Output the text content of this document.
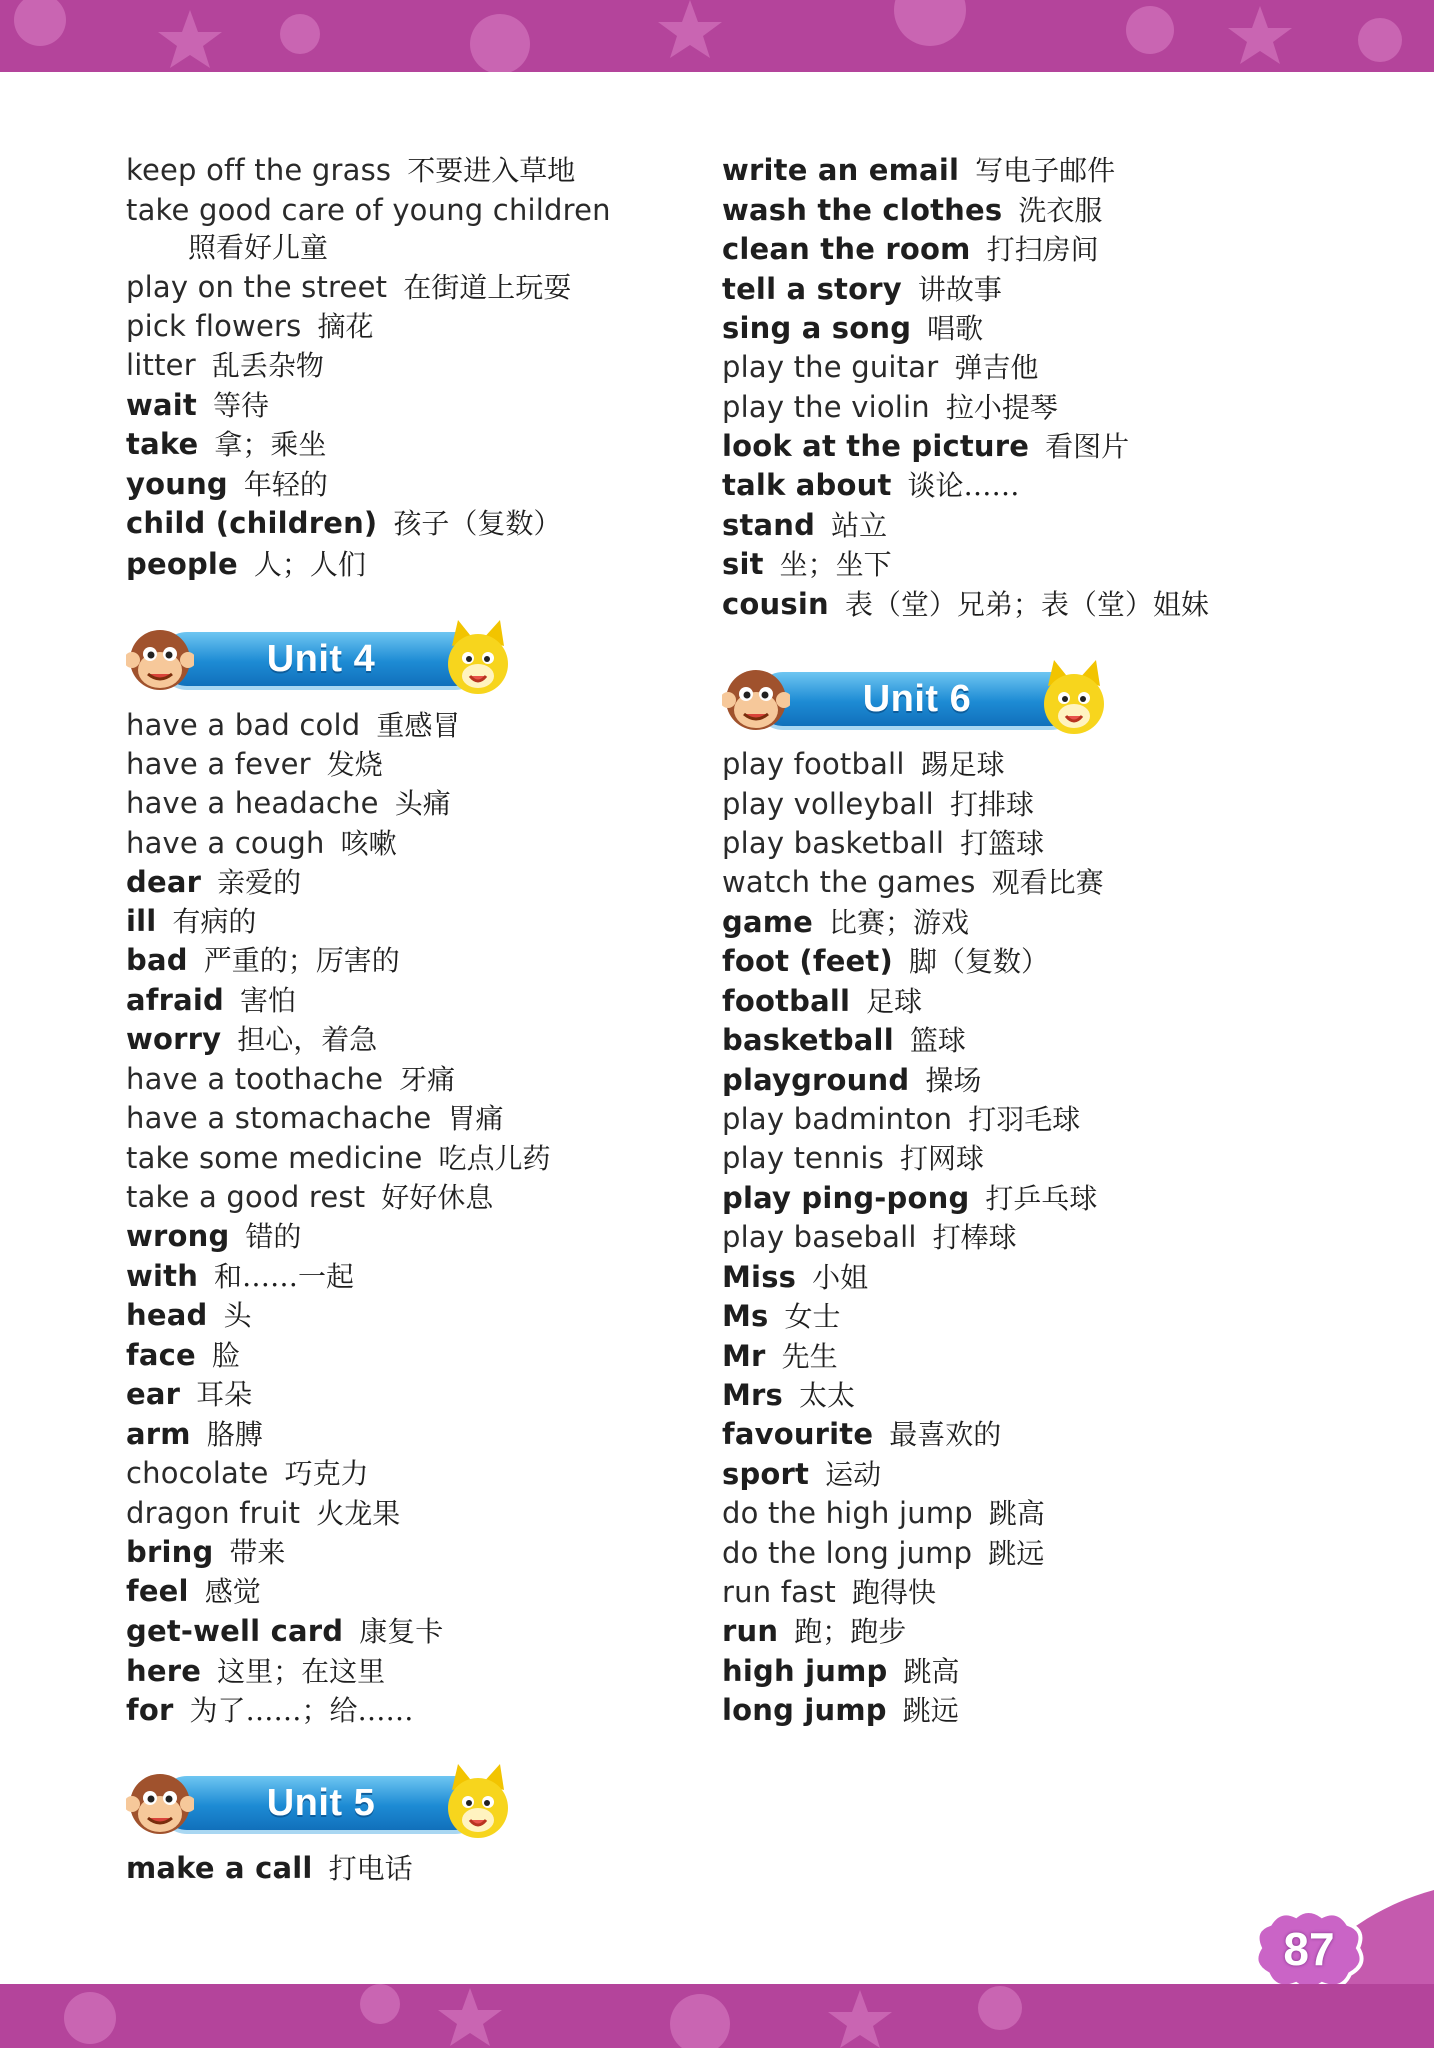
keep off the grass 不要进入草地
take good care of young children
照看好儿童
play on the street 在街道上玩耍
pick flowers 摘花
litter 乱丢杂物
wait 等待
take 拿；乘坐
young 年轻的
child (children) 孩子（复数）
people 人；人们
Unit 4
have a bad cold 重感冒
have a fever 发烧
have a headache 头痛
have a cough 咳嗽
dear 亲爱的
ill 有病的
bad 严重的；厉害的
afraid 害怕
worry 担心，着急
have a toothache 牙痛
have a stomachache 胃痛
take some medicine 吃点儿药
take a good rest 好好休息
wrong 错的
with 和……一起
head 头
face 脸
ear 耳朵
arm 胳膊
chocolate 巧克力
dragon fruit 火龙果
bring 带来
feel 感觉
get-well card 康复卡
here 这里；在这里
for 为了……；给……
Unit 5
make a call 打电话
write an email 写电子邮件
wash the clothes 洗衣服
clean the room 打扫房间
tell a story 讲故事
sing a song 唱歌
play the guitar 弹吉他
play the violin 拉小提琴
look at the picture 看图片
talk about 谈论……
stand 站立
sit 坐；坐下
cousin 表（堂）兄弟；表（堂）姐妹
Unit 6
play football 踢足球
play volleyball 打排球
play basketball 打篮球
watch the games 观看比赛
game 比赛；游戏
foot (feet) 脚（复数）
football 足球
basketball 篮球
playground 操场
play badminton 打羽毛球
play tennis 打网球
play ping-pong 打乒乓球
play baseball 打棒球
Miss 小姐
Ms 女士
Mr 先生
Mrs 太太
favourite 最喜欢的
sport 运动
do the high jump 跳高
do the long jump 跳远
run fast 跑得快
run 跑；跑步
high jump 跳高
long jump 跳远
87
